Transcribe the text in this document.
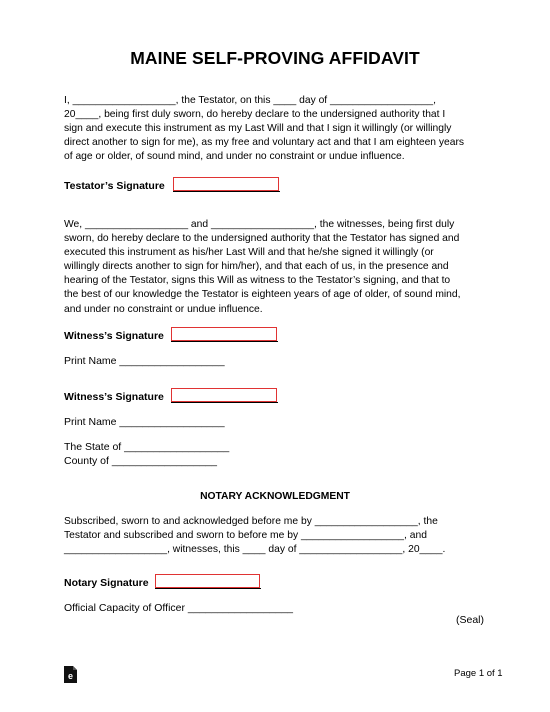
MAINE SELF-PROVING AFFIDAVIT
I, __________________, the Testator, on this ____ day of __________________,
20____, being first duly sworn, do hereby declare to the undersigned authority that I
sign and execute this instrument as my Last Will and that I sign it willingly (or willingly
direct another to sign for me), as my free and voluntary act and that I am eighteen years
of age or older, of sound mind, and under no constraint or undue influence.
Testator’s Signature
We, __________________ and __________________, the witnesses, being first duly
sworn, do hereby declare to the undersigned authority that the Testator has signed and
executed this instrument as his/her Last Will and that he/she signed it willingly (or
willingly directs another to sign for him/her), and that each of us, in the presence and
hearing of the Testator, signs this Will as witness to the Testator’s signing, and that to
the best of our knowledge the Testator is eighteen years of age of older, of sound mind,
and under no constraint or undue influence.
Witness’s Signature
Print Name __________________
Witness’s Signature
Print Name __________________
The State of __________________
County of __________________
NOTARY ACKNOWLEDGMENT
Subscribed, sworn to and acknowledged before me by __________________, the
Testator and subscribed and sworn to before me by __________________, and
__________________, witnesses, this ____ day of __________________, 20____.
Notary Signature
Official Capacity of Officer __________________
(Seal)
e	Page 1 of 1
